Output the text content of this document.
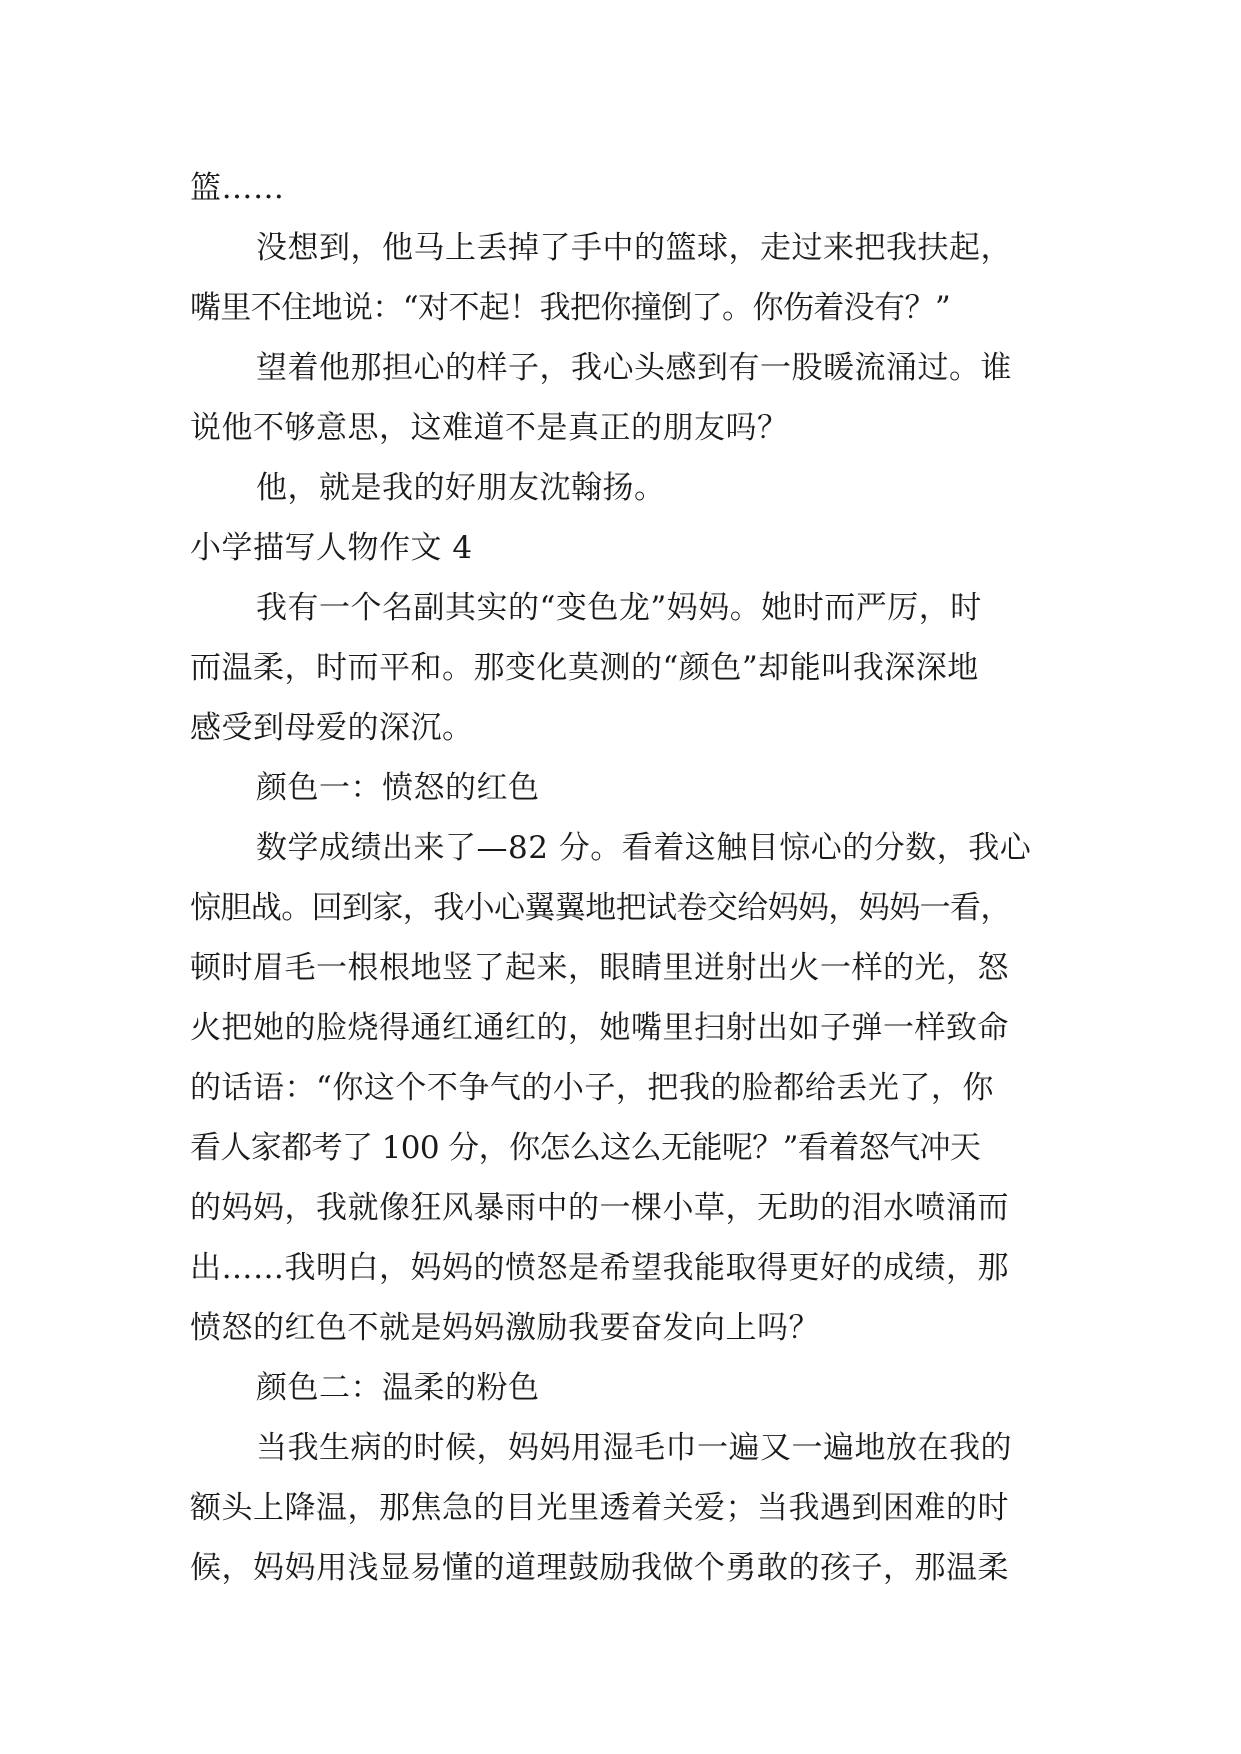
篮……
没想到，他马上丢掉了手中的篮球，走过来把我扶起，
嘴里不住地说：“对不起！我把你撞倒了。你伤着没有？”
望着他那担心的样子，我心头感到有一股暖流涌过。谁
说他不够意思，这难道不是真正的朋友吗？
他，就是我的好朋友沈翰扬。
小学描写人物作文 4
我有一个名副其实的“变色龙”妈妈。她时而严厉，时
而温柔，时而平和。那变化莫测的“颜色”却能叫我深深地
感受到母爱的深沉。
颜色一：愤怒的红色
数学成绩出来了—82 分。看着这触目惊心的分数，我心
惊胆战。回到家，我小心翼翼地把试卷交给妈妈，妈妈一看，
顿时眉毛一根根地竖了起来，眼睛里迸射出火一样的光，怒
火把她的脸烧得通红通红的，她嘴里扫射出如子弹一样致命
的话语：“你这个不争气的小子，把我的脸都给丢光了，你
看人家都考了 100 分，你怎么这么无能呢？”看着怒气冲天
的妈妈，我就像狂风暴雨中的一棵小草，无助的泪水喷涌而
出……我明白，妈妈的愤怒是希望我能取得更好的成绩，那
愤怒的红色不就是妈妈激励我要奋发向上吗？
颜色二：温柔的粉色
当我生病的时候，妈妈用湿毛巾一遍又一遍地放在我的
额头上降温，那焦急的目光里透着关爱；当我遇到困难的时
候，妈妈用浅显易懂的道理鼓励我做个勇敢的孩子，那温柔
